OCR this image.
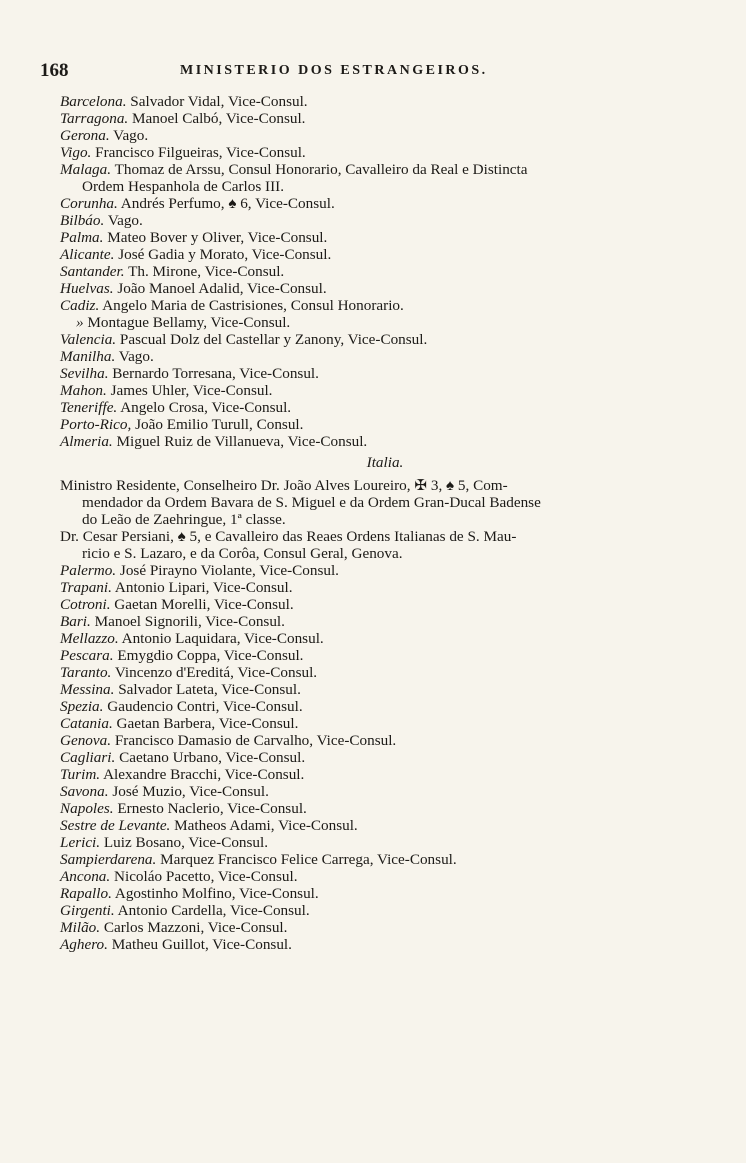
168	MINISTERIO DOS ESTRANGEIROS.
Barcelona. Salvador Vidal, Vice-Consul.
Tarragona. Manoel Calbó, Vice-Consul.
Gerona. Vago.
Vigo. Francisco Filgueiras, Vice-Consul.
Malaga. Thomaz de Arssu, Consul Honorario, Cavalleiro da Real e Distincta
Ordem Hespanhola de Carlos III.
Corunha. Andrés Perfumo, ♠ 6, Vice-Consul.
Bilbáo. Vago.
Palma. Mateo Bover y Oliver, Vice-Consul.
Alicante. José Gadia y Morato, Vice-Consul.
Santander. Th. Mirone, Vice-Consul.
Huelvas. João Manoel Adalid, Vice-Consul.
Cadiz. Angelo Maria de Castrisiones, Consul Honorario.
» Montague Bellamy, Vice-Consul.
Valencia. Pascual Dolz del Castellar y Zanony, Vice-Consul.
Manilha. Vago.
Sevilha. Bernardo Torresana, Vice-Consul.
Mahon. James Uhler, Vice-Consul.
Teneriffe. Angelo Crosa, Vice-Consul.
Porto-Rico, João Emilio Turull, Consul.
Almeria. Miguel Ruiz de Villanueva, Vice-Consul.
Italia.
Ministro Residente, Conselheiro Dr. João Alves Loureiro, ✠ 3, ♠ 5, Com-
mendador da Ordem Bavara de S. Miguel e da Ordem Gran-Ducal Badense
do Leão de Zaehringue, 1ª classe.
Dr. Cesar Persiani, ♠ 5, e Cavalleiro das Reaes Ordens Italianas de S. Mau-
ricio e S. Lazaro, e da Corôa, Consul Geral, Genova.
Palermo. José Pirayno Violante, Vice-Consul.
Trapani. Antonio Lipari, Vice-Consul.
Cotroni. Gaetan Morelli, Vice-Consul.
Bari. Manoel Signorili, Vice-Consul.
Mellazzo. Antonio Laquidara, Vice-Consul.
Pescara. Emygdio Coppa, Vice-Consul.
Taranto. Vincenzo d'Ereditá, Vice-Consul.
Messina. Salvador Lateta, Vice-Consul.
Spezia. Gaudencio Contri, Vice-Consul.
Catania. Gaetan Barbera, Vice-Consul.
Genova. Francisco Damasio de Carvalho, Vice-Consul.
Cagliari. Caetano Urbano, Vice-Consul.
Turim. Alexandre Bracchi, Vice-Consul.
Savona. José Muzio, Vice-Consul.
Napoles. Ernesto Naclerio, Vice-Consul.
Sestre de Levante. Matheos Adami, Vice-Consul.
Lerici. Luiz Bosano, Vice-Consul.
Sampierdarena. Marquez Francisco Felice Carrega, Vice-Consul.
Ancona. Nicoláo Pacetto, Vice-Consul.
Rapallo. Agostinho Molfino, Vice-Consul.
Girgenti. Antonio Cardella, Vice-Consul.
Milão. Carlos Mazzoni, Vice-Consul.
Aghero. Matheu Guillot, Vice-Consul.
